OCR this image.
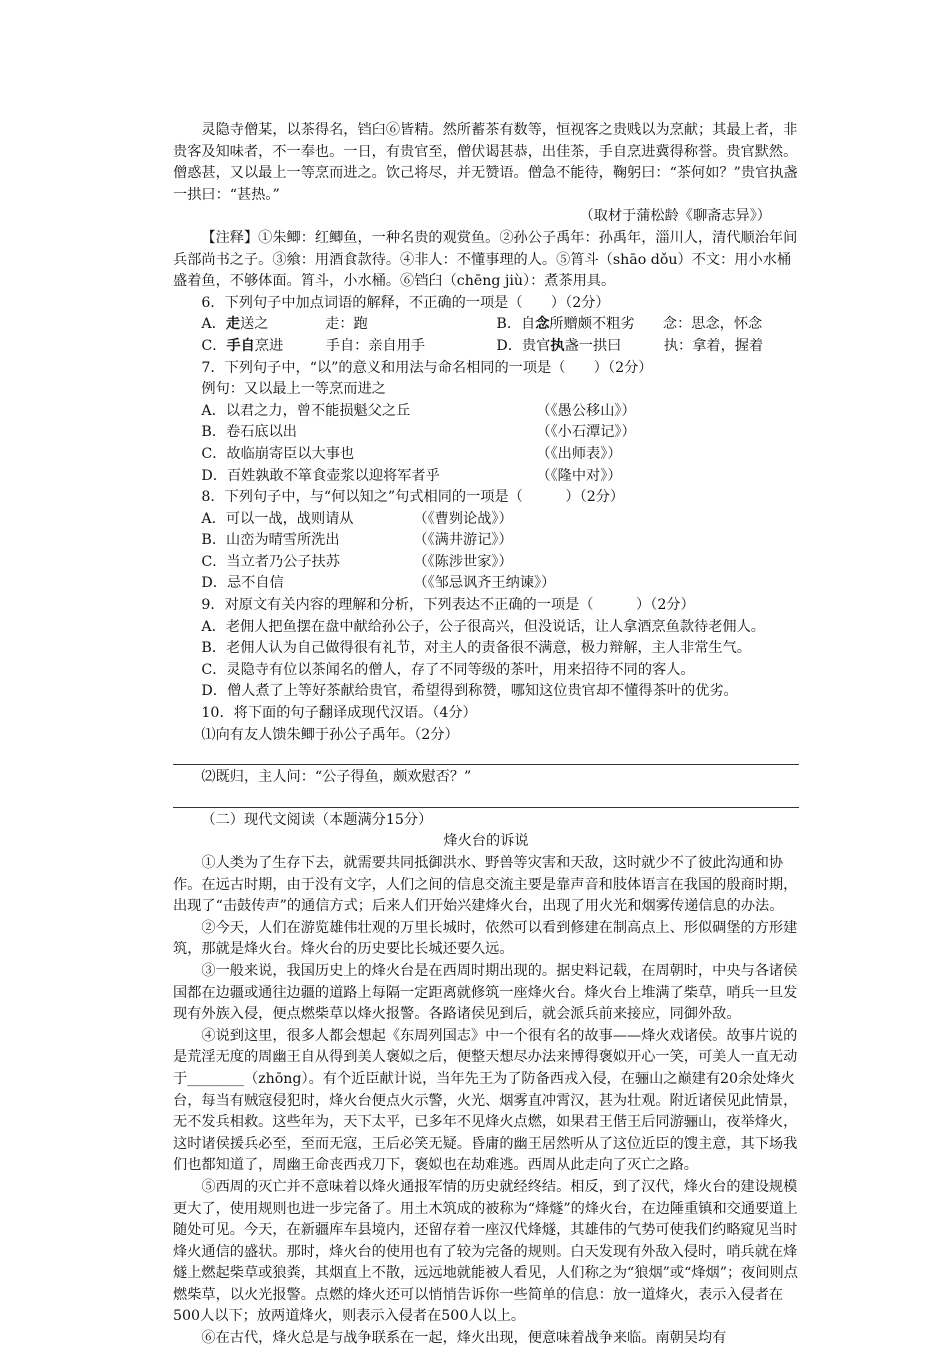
灵隐寺僧某，以茶得名，铛臼⑥皆精。然所蓄茶有数等，恒视客之贵贱以为烹献；其最上者，非贵客及知味者，不一奉也。一日，有贵官至，僧伏谒甚恭，出佳茶，手自烹进冀得称誉。贵官默然。僧惑甚，又以最上一等烹而进之。饮己将尽，并无赞语。僧急不能待，鞠躬曰：“茶何如？”贵官执盏一拱曰：“甚热。”

（取材于蒲松龄《聊斋志异》）

【注释】①朱鲫：红鲫鱼，一种名贵的观赏鱼。②孙公子禹年：孙禹年，淄川人，清代顺治年间兵部尚书之子。③飨：用酒食款待。④非人：不懂事理的人。⑤筲斗（shāo dǒu）不文：用小水桶盛着鱼，不够体面。筲斗，小水桶。⑥铛臼（chēng jiù）：煮茶用具。

6．下列句子中加点词语的解释，不正确的一项是（　　）（2分）

A．走送之　　　　走：跑	B．自念所赠颇不粗劣　　念：思念，怀念
C．手自烹进　　　手自：亲自用手	D．贵官执盏一拱曰　　　执：拿着，握着

7．下列句子中，“以”的意义和用法与命名相同的一项是（　　）（2分）

例句：又以最上一等烹而进之

A．以君之力，曾不能损魁父之丘	（《愚公移山》）
B．卷石底以出	（《小石潭记》）
C．故临崩寄臣以大事也	（《出师表》）
D．百姓孰敢不箪食壶浆以迎将军者乎	（《隆中对》）

8．下列句子中，与“何以知之”句式相同的一项是（　　　）（2分）

A．可以一战，战则请从	（《曹刿论战》）
B．山峦为晴雪所洗出	（《满井游记》）
C．当立者乃公子扶苏	（《陈涉世家》）
D．忌不自信	（《邹忌讽齐王纳谏》）

9．对原文有关内容的理解和分析，下列表达不正确的一项是（　　　）（2分）

A．老佣人把鱼摆在盘中献给孙公子，公子很高兴，但没说话，让人拿酒烹鱼款待老佣人。

B．老佣人认为自己做得很有礼节，对主人的责备很不满意，极力辩解，主人非常生气。

C．灵隐寺有位以茶闻名的僧人，存了不同等级的茶叶，用来招待不同的客人。

D．僧人煮了上等好茶献给贵官，希望得到称赞，哪知这位贵官却不懂得茶叶的优劣。

10．将下面的句子翻译成现代汉语。（4分）

⑴向有友人馈朱鲫于孙公子禹年。（2分）

⑵既归，主人问：“公子得鱼，颇欢慰否？”

（二）现代文阅读（本题满分15分）

烽火台的诉说

①人类为了生存下去，就需要共同抵御洪水、野兽等灾害和天敌，这时就少不了彼此沟通和协作。在远古时期，由于没有文字，人们之间的信息交流主要是靠声音和肢体语言在我国的殷商时期，出现了“击鼓传声”的通信方式；后来人们开始兴建烽火台，出现了用火光和烟雾传递信息的办法。

②今天，人们在游览雄伟壮观的万里长城时，依然可以看到修建在制高点上、形似碉堡的方形建筑，那就是烽火台。烽火台的历史要比长城还要久远。

③一般来说，我国历史上的烽火台是在西周时期出现的。据史料记载，在周朝时，中央与各诸侯国都在边疆或通往边疆的道路上每隔一定距离就修筑一座烽火台。烽火台上堆满了柴草，哨兵一旦发现有外族入侵，便点燃柴草以烽火报警。各路诸侯见到后，就会派兵前来接应，同御外敌。

④说到这里，很多人都会想起《东周列国志》中一个很有名的故事——烽火戏诸侯。故事片说的是荒淫无度的周幽王自从得到美人褒姒之后，便整天想尽办法来博得褒姒开心一笑，可美人一直无动于________（zhōng）。有个近臣献计说，当年先王为了防备西戎入侵，在骊山之巅建有20余处烽火台，每当有贼寇侵犯时，烽火台便点火示警，火光、烟雾直冲霄汉，甚为壮观。附近诸侯见此情景，无不发兵相救。这些年为，天下太平，已多年不见烽火点燃，如果君王偕王后同游骊山，夜举烽火，这时诸侯援兵必至，至而无寇，王后必笑无疑。昏庸的幽王居然听从了这位近臣的馊主意，其下场我们也都知道了，周幽王命丧西戎刀下，褒姒也在劫难逃。西周从此走向了灭亡之路。

⑤西周的灭亡并不意味着以烽火通报军情的历史就经终结。相反，到了汉代，烽火台的建设规模更大了，使用规则也进一步完备了。用土木筑成的被称为“烽燧”的烽火台，在边陲重镇和交通要道上随处可见。今天，在新疆库车县境内，还留存着一座汉代烽燧，其雄伟的气势可使我们约略窥见当时烽火通信的盛状。那时，烽火台的使用也有了较为完备的规则。白天发现有外敌入侵时，哨兵就在烽燧上燃起柴草或狼粪，其烟直上不散，远远地就能被人看见，人们称之为“狼烟”或“烽烟”；夜间则点燃柴草，以火光报警。点燃的烽火还可以悄悄告诉你一些简单的信息：放一道烽火，表示入侵者在500人以下；放两道烽火，则表示入侵者在500人以上。

⑥在古代，烽火总是与战争联系在一起，烽火出现，便意味着战争来临。南朝吴均有
